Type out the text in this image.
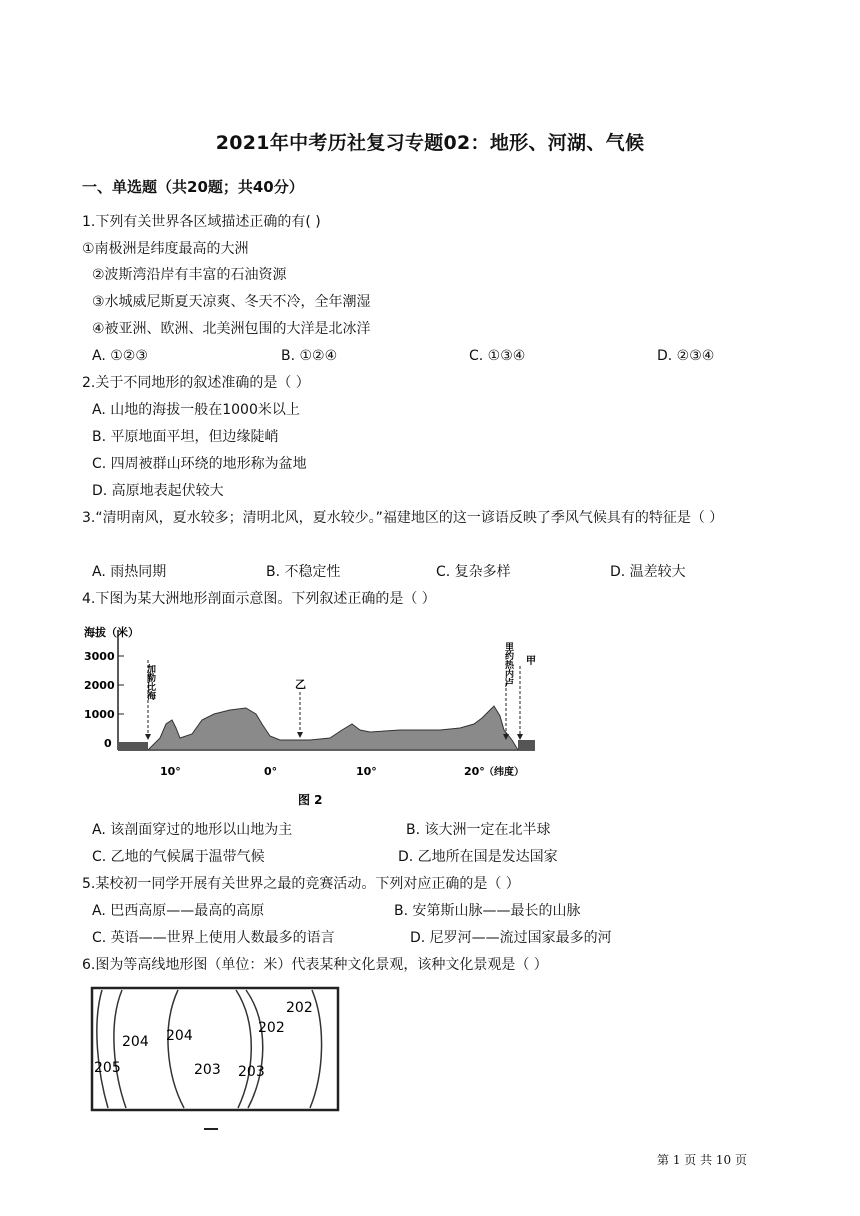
2021年中考历社复习专题02：地形、河湖、气候
一、单选题（共20题；共40分）
1.下列有关世界各区域描述正确的有( )
①南极洲是纬度最高的大洲
②波斯湾沿岸有丰富的石油资源
③水城威尼斯夏天凉爽、冬天不冷，全年潮湿
④被亚洲、欧洲、北美洲包围的大洋是北冰洋
A. ①②③	B. ①②④	C. ①③④	D. ②③④
2.关于不同地形的叙述准确的是（ ）
A. 山地的海拔一般在1000米以上
B. 平原地面平坦，但边缘陡峭
C. 四周被群山环绕的地形称为盆地
D. 高原地表起伏较大
3.“清明南风，夏水较多；清明北风，夏水较少。”福建地区的这一谚语反映了季风气候具有的特征是（ ）
A. 雨热同期	B. 不稳定性	C. 复杂多样	D. 温差较大
4.下图为某大洲地形剖面示意图。下列叙述正确的是（ ）
海拔（米）
3000
2000
1000
0
10°	0°	10°	20° （纬度）
加勒比海	乙	里约热内卢 甲
图 2
A. 该剖面穿过的地形以山地为主	B. 该大洲一定在北半球
C. 乙地的气候属于温带气候	D. 乙地所在国是发达国家
5.某校初一同学开展有关世界之最的竞赛活动。下列对应正确的是（ ）
A. 巴西高原——最高的高原	B. 安第斯山脉——最长的山脉
C. 英语——世界上使用人数最多的语言	D. 尼罗河——流过国家最多的河
6.图为等高线地形图（单位：米）代表某种文化景观，该种文化景观是（ ）
205
204 204
203 203
202
202
第 1 页 共 10 页
